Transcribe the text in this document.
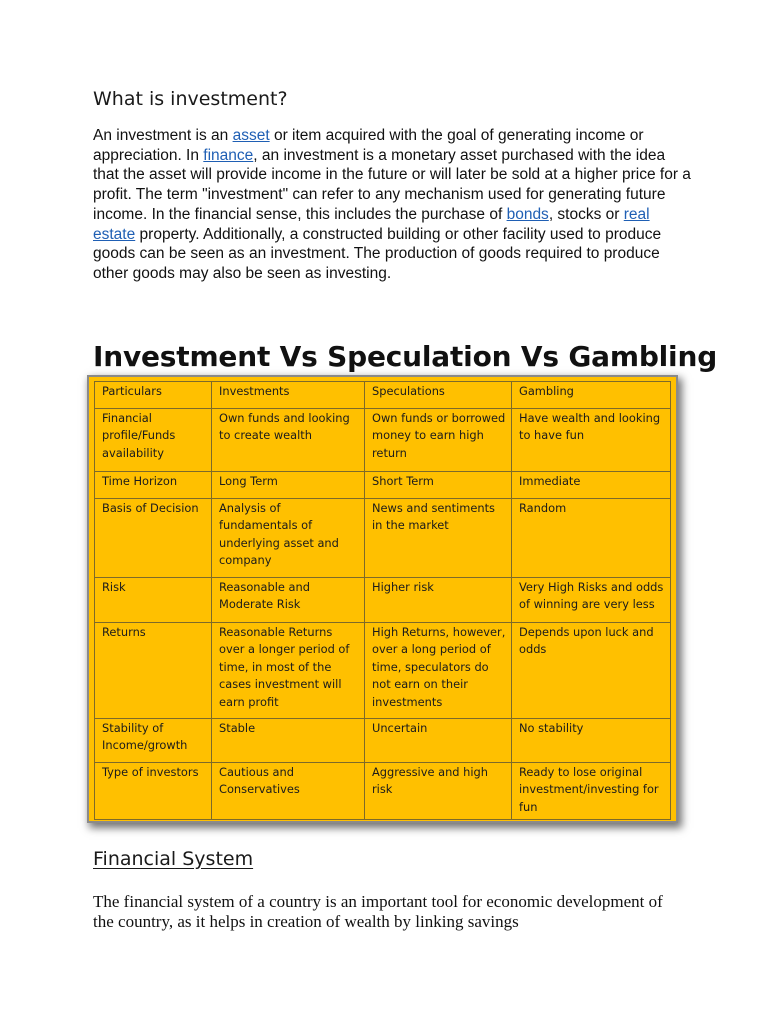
What is investment?
An investment is an asset or item acquired with the goal of generating income or appreciation. In finance, an investment is a monetary asset purchased with the idea that the asset will provide income in the future or will later be sold at a higher price for a profit. The term "investment" can refer to any mechanism used for generating future income. In the financial sense, this includes the purchase of bonds, stocks or real estate property. Additionally, a constructed building or other facility used to produce goods can be seen as an investment. The production of goods required to produce other goods may also be seen as investing.
Investment Vs Speculation Vs Gambling
Particulars	Investments	Speculations	Gambling
Financial profile/Funds availability	Own funds and looking to create wealth	Own funds or borrowed money to earn high return	Have wealth and looking to have fun
Time Horizon	Long Term	Short Term	Immediate
Basis of Decision	Analysis of fundamentals of underlying asset and company	News and sentiments in the market	Random
Risk	Reasonable and Moderate Risk	Higher risk	Very High Risks and odds of winning are very less
Returns	Reasonable Returns over a longer period of time, in most of the cases investment will earn profit	High Returns, however, over a long period of time, speculators do not earn on their investments	Depends upon luck and odds
Stability of Income/growth	Stable	Uncertain	No stability
Type of investors	Cautious and Conservatives	Aggressive and high risk	Ready to lose original investment/investing for fun
Financial System
The financial system of a country is an important tool for economic development of the country, as it helps in creation of wealth by linking savings
